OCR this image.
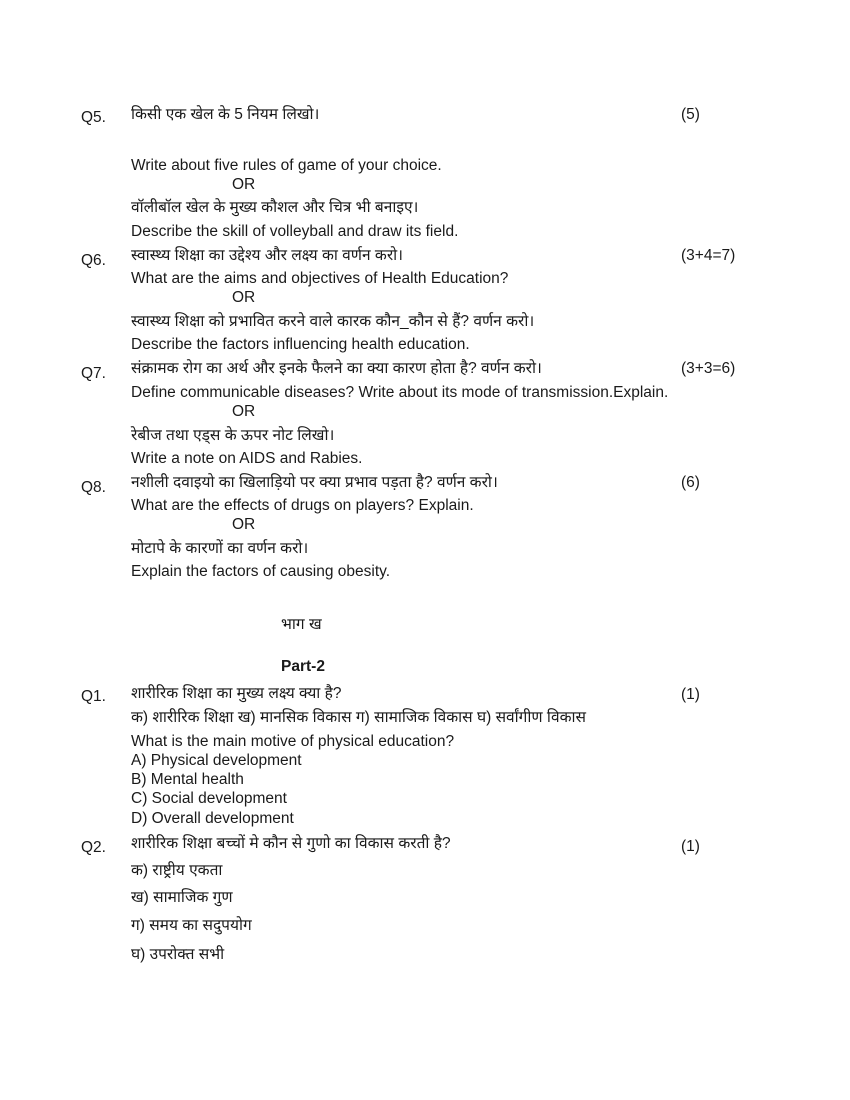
Q5. किसी एक खेल के 5 नियम लिखो।	(5)
Write about five rules of game of your choice.
OR
वॉलीबॉल खेल के मुख्य कौशल और चित्र भी बनाइए।
Describe the skill of volleyball and draw its field.
Q6. स्वास्थ्य शिक्षा का उद्देश्य और लक्ष्य का वर्णन करो।	(3+4=7)
What are the aims and objectives of Health Education?
OR
स्वास्थ्य शिक्षा को प्रभावित करने वाले कारक कौन_कौन से हैं? वर्णन करो।
Describe the factors influencing health education.
Q7. संक्रामक रोग का अर्थ और इनके फैलने का क्या कारण होता है? वर्णन करो।	(3+3=6)
Define communicable diseases? Write about its mode of transmission.Explain.
OR
रेबीज तथा एड्स के ऊपर नोट लिखो।
Write a note on AIDS and Rabies.
Q8. नशीली दवाइयो का खिलाड़ियो पर क्या प्रभाव पड़ता है? वर्णन करो।	(6)
What are the effects of drugs on players? Explain.
OR
मोटापे के कारणों का वर्णन करो।
Explain the factors of causing obesity.
भाग ख
Part-2
Q1. शारीरिक शिक्षा का मुख्य लक्ष्य क्या है?	(1)
क) शारीरिक शिक्षा ख) मानसिक विकास ग) सामाजिक विकास घ) सर्वांगीण विकास
What is the main motive of physical education?
A) Physical development
B) Mental health
C) Social development
D) Overall development
Q2. शारीरिक शिक्षा बच्चों मे कौन से गुणो का विकास करती है?	(1)
क) राष्ट्रीय एकता
ख) सामाजिक गुण
ग) समय का सदुपयोग
घ) उपरोक्त सभी
